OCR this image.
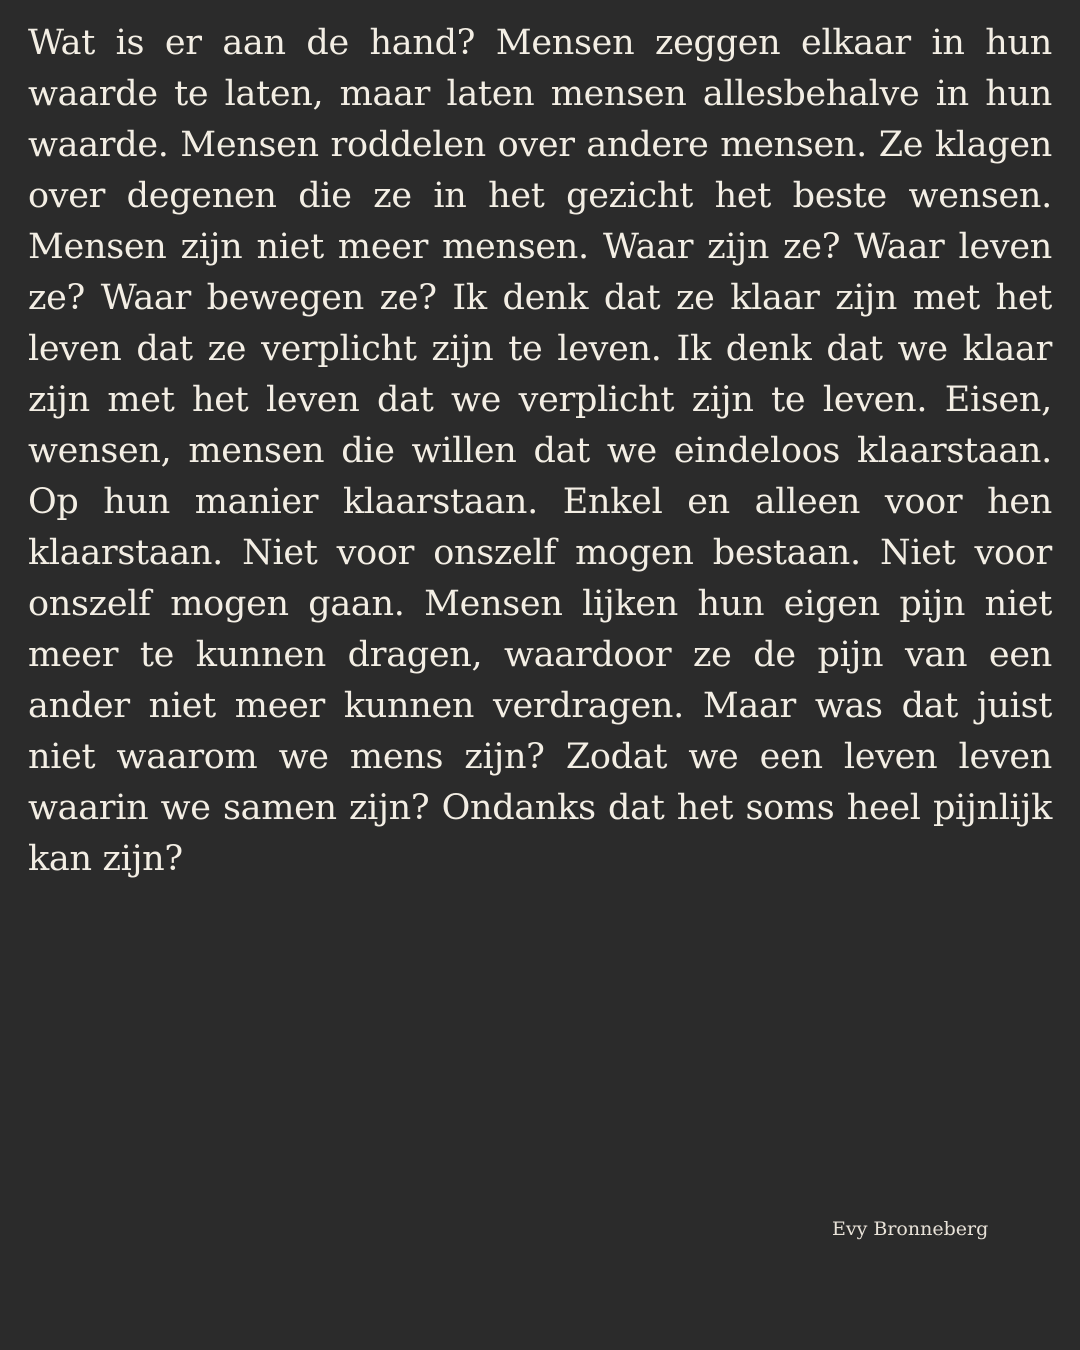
Wat is er aan de hand? Mensen zeggen elkaar in hun waarde te laten, maar laten mensen allesbehalve in hun waarde. Mensen roddelen over andere mensen. Ze klagen over degenen die ze in het gezicht het beste wensen. Mensen zijn niet meer mensen. Waar zijn ze? Waar leven ze? Waar bewegen ze? Ik denk dat ze klaar zijn met het leven dat ze verplicht zijn te leven. Ik denk dat we klaar zijn met het leven dat we verplicht zijn te leven. Eisen, wensen, mensen die willen dat we eindeloos klaarstaan. Op hun manier klaarstaan. Enkel en alleen voor hen klaarstaan. Niet voor onszelf mogen bestaan. Niet voor onszelf mogen gaan. Mensen lijken hun eigen pijn niet meer te kunnen dragen, waardoor ze de pijn van een ander niet meer kunnen verdragen. Maar was dat juist niet waarom we mens zijn? Zodat we een leven leven waarin we samen zijn? Ondanks dat het soms heel pijnlijk kan zijn?

Evy Bronneberg
